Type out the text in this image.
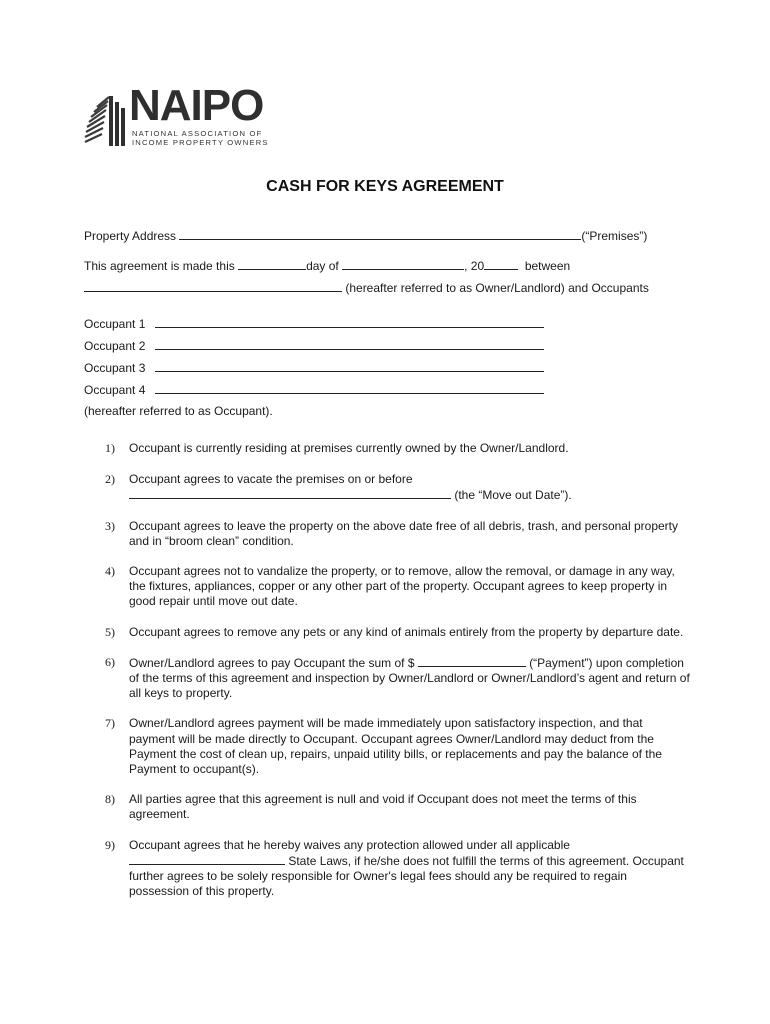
NAIPO
NATIONAL ASSOCIATION OF
INCOME PROPERTY OWNERS
CASH FOR KEYS AGREEMENT
Property Address	(“Premises”)
This agreement is made this	day of	, 20	between
(hereafter referred to as Owner/Landlord) and Occupants
Occupant 1
Occupant 2
Occupant 3
Occupant 4
(hereafter referred to as Occupant).
1) Occupant is currently residing at premises currently owned by the Owner/Landlord.
2) Occupant agrees to vacate the premises on or before
(the “Move out Date”).
3) Occupant agrees to leave the property on the above date free of all debris, trash, and personal property and in “broom clean” condition.
4) Occupant agrees not to vandalize the property, or to remove, allow the removal, or damage in any way, the fixtures, appliances, copper or any other part of the property. Occupant agrees to keep property in good repair until move out date.
5) Occupant agrees to remove any pets or any kind of animals entirely from the property by departure date.
6) Owner/Landlord agrees to pay Occupant the sum of $	(“Payment”) upon completion of the terms of this agreement and inspection by Owner/Landlord or Owner/Landlord’s agent and return of all keys to property.
7) Owner/Landlord agrees payment will be made immediately upon satisfactory inspection, and that payment will be made directly to Occupant. Occupant agrees Owner/Landlord may deduct from the Payment the cost of clean up, repairs, unpaid utility bills, or replacements and pay the balance of the Payment to occupant(s).
8) All parties agree that this agreement is null and void if Occupant does not meet the terms of this agreement.
9) Occupant agrees that he hereby waives any protection allowed under all applicable
State Laws, if he/she does not fulfill the terms of this agreement. Occupant further agrees to be solely responsible for Owner's legal fees should any be required to regain possession of this property.
